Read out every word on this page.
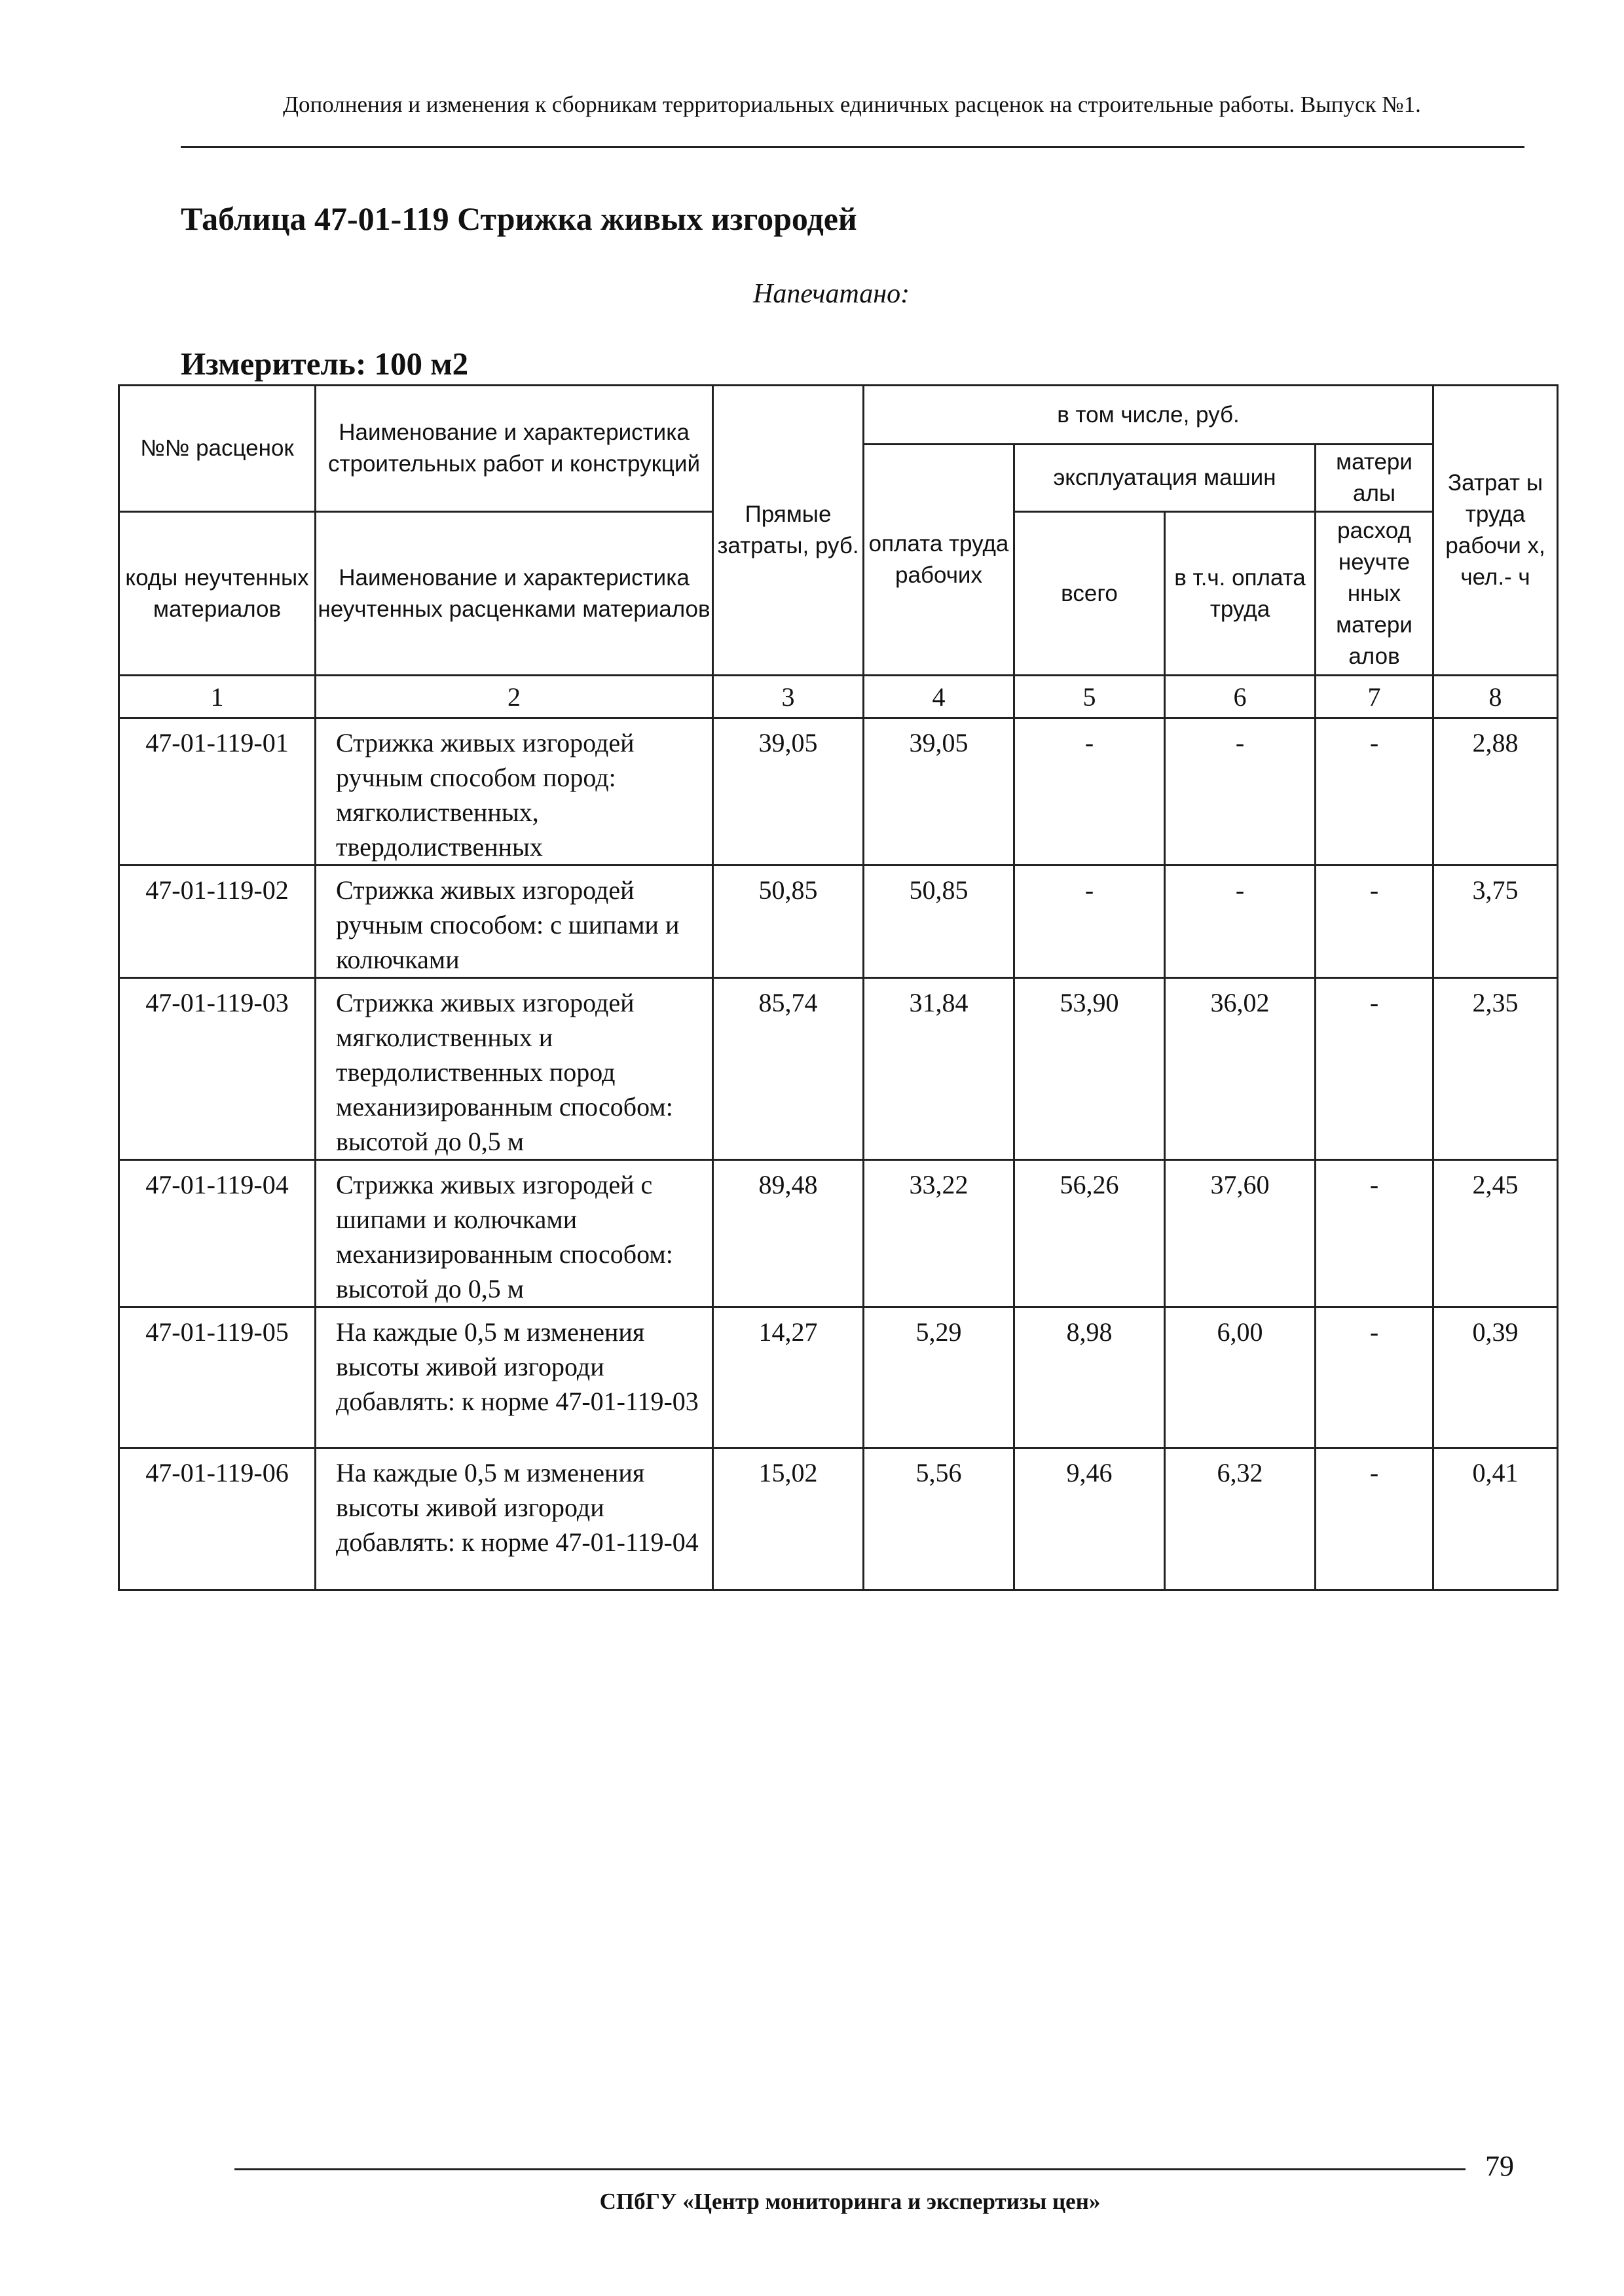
Дополнения и изменения к сборникам территориальных единичных расценок на строительные работы. Выпуск №1.
Таблица 47-01-119 Стрижка живых изгородей
Напечатано:
Измеритель: 100 м2
№№ расценок	Наименование и характеристика строительных работ и конструкций	Прямые затраты, руб.	в том числе, руб.				Затрат ы труда рабочи х, чел.- ч
			оплата труда рабочих	эксплуатация машин		матери алы	
коды неучтенных материалов	Наименование и характеристика неучтенных расценками материалов			всего	в т.ч. оплата труда	расход неучте нных матери алов	

1	2	3	4	5	6	7	8
47-01-119-01	Стрижка живых изгородей ручным способом пород: мягколиственных, твердолиственных	39,05	39,05	-	-	-	2,88
47-01-119-02	Стрижка живых изгородей ручным способом: с шипами и колючками	50,85	50,85	-	-	-	3,75
47-01-119-03	Стрижка живых изгородей мягколиственных и твердолиственных пород механизированным способом: высотой до 0,5 м	85,74	31,84	53,90	36,02	-	2,35
47-01-119-04	Стрижка живых изгородей с шипами и колючками механизированным способом: высотой до 0,5 м	89,48	33,22	56,26	37,60	-	2,45
47-01-119-05	На каждые 0,5 м изменения высоты живой изгороди добавлять: к норме 47-01-119-03	14,27	5,29	8,98	6,00	-	0,39
47-01-119-06	На каждые 0,5 м изменения высоты живой изгороди добавлять: к норме 47-01-119-04	15,02	5,56	9,46	6,32	-	0,41
79
СПбГУ «Центр мониторинга и экспертизы цен»
